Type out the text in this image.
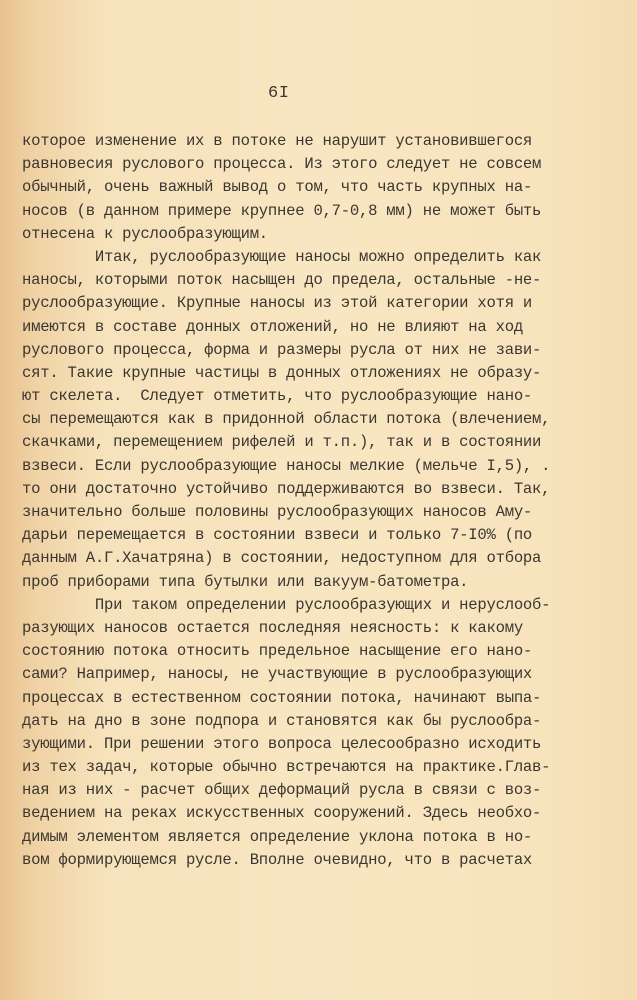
6I
которое изменение их в потоке не нарушит установившегося
равновесия руслового процесса. Из этого следует не совсем
обычный, очень важный вывод о том, что часть крупных на-
носов (в данном примере крупнее 0,7-0,8 мм) не может быть
отнесена к руслообразующим.
Итак, руслообразующие наносы можно определить как
наносы, которыми поток насыщен до предела, остальные -не-
руслообразующие. Крупные наносы из этой категории хотя и
имеются в составе донных отложений, но не влияют на ход
руслового процесса, форма и размеры русла от них не зави-
сят. Такие крупные частицы в донных отложениях не образу-
ют скелета.  Следует отметить, что руслообразующие нано-
сы перемещаются как в придонной области потока (влечением,
скачками, перемещением рифелей и т.п.), так и в состоянии
взвеси. Если руслообразующие наносы мелкие (мельче I,5), .
то они достаточно устойчиво поддерживаются во взвеси. Так,
значительно больше половины руслообразующих наносов Аму-
дарьи перемещается в состоянии взвеси и только 7-I0% (по
данным А.Г.Хачатряна) в состоянии, недоступном для отбора
проб приборами типа бутылки или вакуум-батометра.
При таком определении руслообразующих и неруслооб-
разующих наносов остается последняя неясность: к какому
состоянию потока относить предельное насыщение его нано-
сами? Например, наносы, не участвующие в руслообразующих
процессах в естественном состоянии потока, начинают выпа-
дать на дно в зоне подпора и становятся как бы руслообра-
зующими. При решении этого вопроса целесообразно исходить
из тех задач, которые обычно встречаются на практике.Глав-
ная из них - расчет общих деформаций русла в связи с воз-
ведением на реках искусственных сооружений. Здесь необхо-
димым элементом является определение уклона потока в но-
вом формирующемся русле. Вполне очевидно, что в расчетах
